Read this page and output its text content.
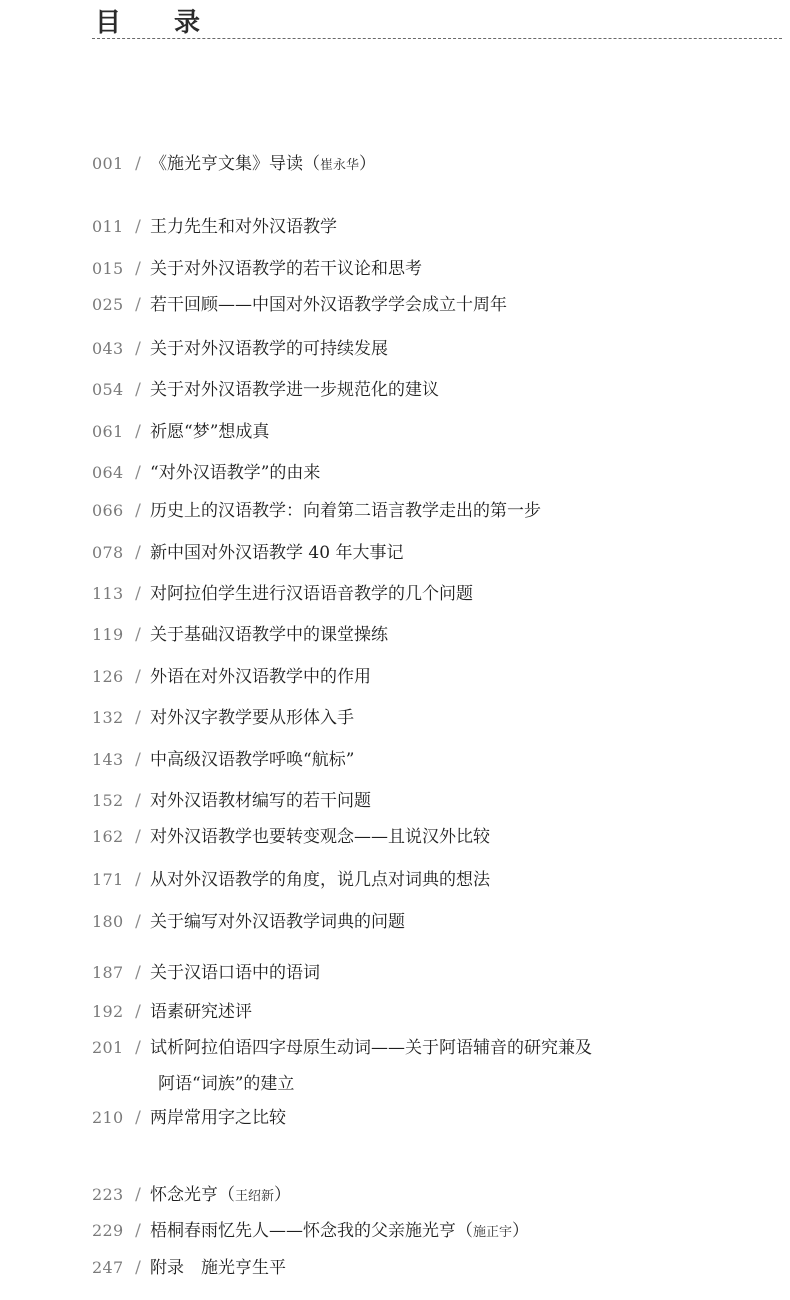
目 录
001 / 《施光亨文集》导读（崔永华）
011 / 王力先生和对外汉语教学
015 / 关于对外汉语教学的若干议论和思考
025 / 若干回顾——中国对外汉语教学学会成立十周年
043 / 关于对外汉语教学的可持续发展
054 / 关于对外汉语教学进一步规范化的建议
061 / 祈愿“梦”想成真
064 / “对外汉语教学”的由来
066 / 历史上的汉语教学：向着第二语言教学走出的第一步
078 / 新中国对外汉语教学 40 年大事记
113 / 对阿拉伯学生进行汉语语音教学的几个问题
119 / 关于基础汉语教学中的课堂操练
126 / 外语在对外汉语教学中的作用
132 / 对外汉字教学要从形体入手
143 / 中高级汉语教学呼唤“航标”
152 / 对外汉语教材编写的若干问题
162 / 对外汉语教学也要转变观念——且说汉外比较
171 / 从对外汉语教学的角度，说几点对词典的想法
180 / 关于编写对外汉语教学词典的问题
187 / 关于汉语口语中的语词
192 / 语素研究述评
201 / 试析阿拉伯语四字母原生动词——关于阿语辅音的研究兼及
阿语“词族”的建立
210 / 两岸常用字之比较
223 / 怀念光亨（王绍新）
229 / 梧桐春雨忆先人——怀念我的父亲施光亨（施正宇）
247 / 附录　施光亨生平
